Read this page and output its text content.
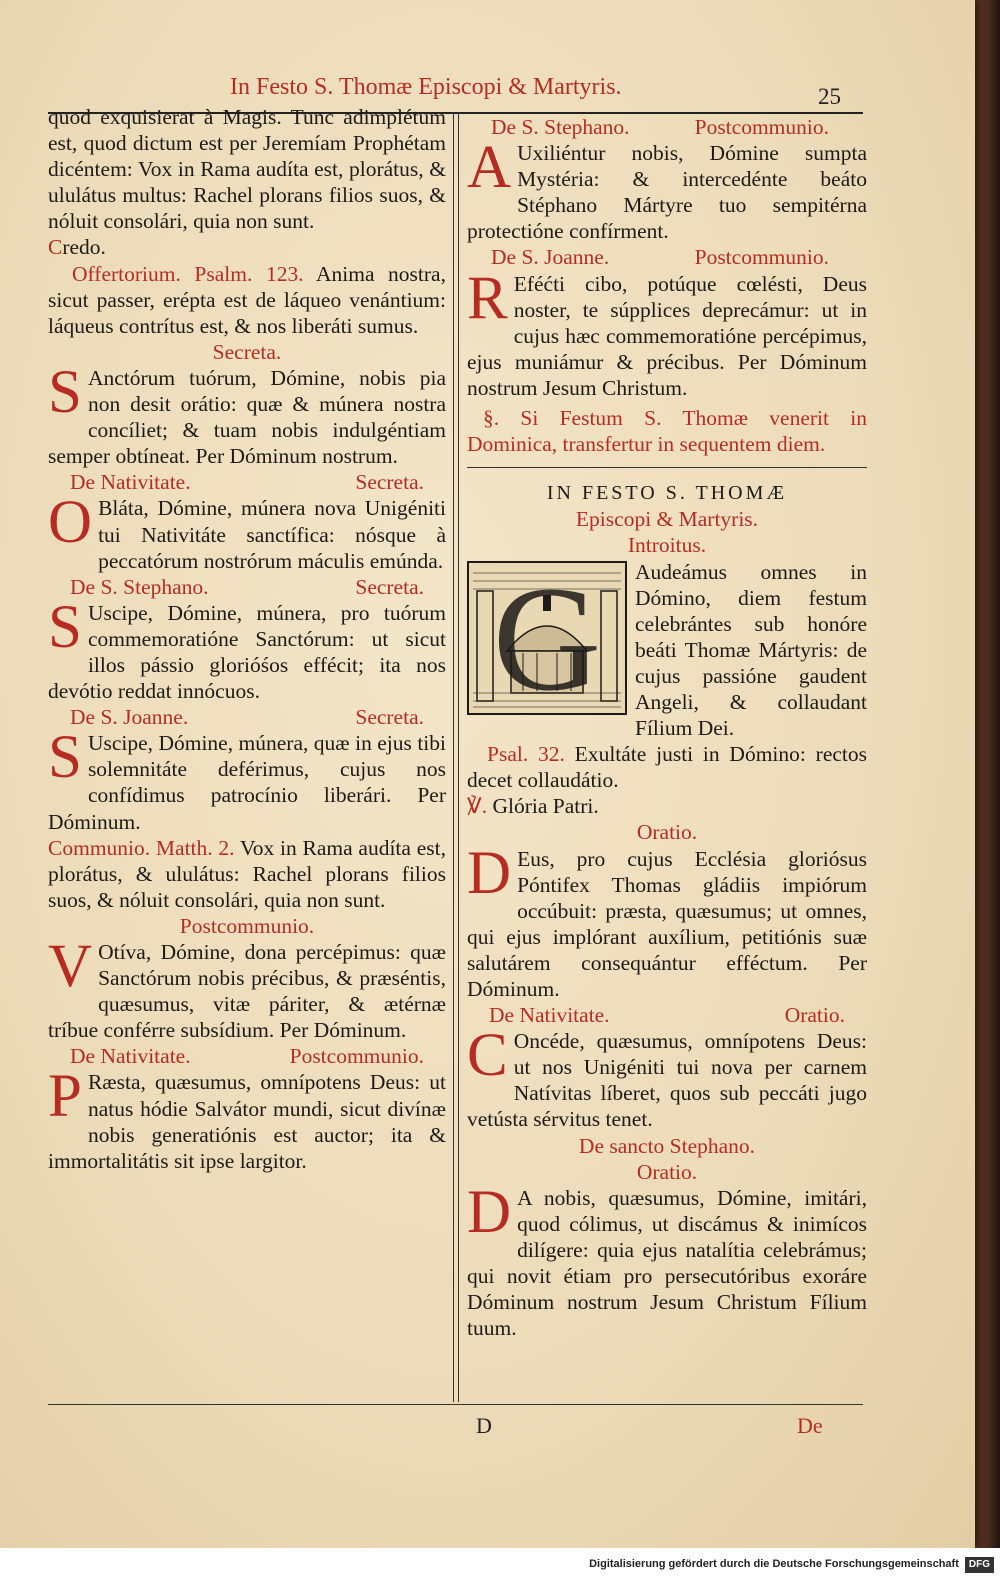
In Festo S. Thomæ Episcopi & Martyris.	25

quod exquisierat à Magis. Tunc adimplétum est, quod dictum est per Jeremíam Prophétam dicéntem: Vox in Rama audíta est, plorátus, & ululátus multus: Rachel plorans filios suos, & nóluit consolári, quia non sunt.

Credo.

Offertorium. Psalm. 123. Anima nostra, sicut passer, erépta est de láqueo venántium: láqueus contrítus est, & nos liberáti sumus.

Secreta.

S Anctórum tuórum, Dómine, nobis pia non desit orátio: quæ & múnera nostra concíliet; & tuam nobis indulgéntiam semper obtíneat. Per Dóminum nostrum.

De Nativitate.	Secreta.

O Bláta, Dómine, múnera nova Unigéniti tui Nativitáte sanctífica: nósque à peccatórum nostrórum máculis emúnda.

De S. Stephano.	Secreta.

S Uscipe, Dómine, múnera, pro tuórum commemoratióne Sanctórum: ut sicut illos pássio glorióśos effécit; ita nos devótio reddat innócuos.

De S. Joanne.	Secreta.

S Uscipe, Dómine, múnera, quæ in ejus tibi solemnitáte deférimus, cujus nos confídimus patrocínio liberári. Per Dóminum.

Communio. Matth. 2. Vox in Rama audíta est, plorátus, & ululátus: Rachel plorans filios suos, & nóluit consolári, quia non sunt.

Postcommunio.

V Otíva, Dómine, dona percépimus: quæ Sanctórum nobis précibus, & præséntis, quæsumus, vitæ páriter, & ætérnæ tríbue conférre subsídium. Per Dóminum.

De Nativitate.	Postcommunio.

P Ræsta, quæsumus, omnípotens Deus: ut natus hódie Salvátor mundi, sicut divínæ nobis generatiónis est auctor; ita & immortalitátis sit ipse largitor.

De S. Stephano.	Postcommunio.

A Uxiliéntur nobis, Dómine sumpta Mystéria: & intercedénte beáto Stéphano Mártyre tuo sempitérna protectióne confírment.

De S. Joanne.	Postcommunio.

R Eféćti cibo, potúque cœlésti, Deus noster, te súpplices deprecámur: ut in cujus hæc commemoratióne percépimus, ejus muniámur & précibus. Per Dóminum nostrum Jesum Christum.

§. Si Festum S. Thomæ venerit in Dominica, transfertur in sequentem diem.

IN FESTO S. THOMÆ
Episcopi & Martyris.
Introitus.

G Audeámus omnes in Dómino, diem festum celebrántes sub honóre beáti Thomæ Mártyris: de cujus passióne gaudent Angeli, & collaudant Fílium Dei.

Psal. 32. Exultáte justi in Dómino: rectos decet collaudátio.

℣. Glória Patri.

Oratio.

D Eus, pro cujus Ecclésia gloriósus Póntifex Thomas gládiis impiórum occúbuit: præsta, quæsumus; ut omnes, qui ejus implórant auxílium, petitiónis suæ salutárem consequántur efféctum. Per Dóminum.

De Nativitate.	Oratio.

C Oncéde, quæsumus, omnípotens Deus: ut nos Unigéniti tui nova per carnem Natívitas líberet, quos sub peccáti jugo vetústa sérvitus tenet.

De sancto Stephano.
Oratio.

D A nobis, quæsumus, Dómine, imitári, quod cólimus, ut discámus & inimícos dilígere: quia ejus natalítia celebrámus; qui novit étiam pro persecutóribus exoráre Dóminum nostrum Jesum Christum Fílium tuum.

D	De
Digitalisierung gefördert durch die Deutsche Forschungsgemeinschaft DFG
